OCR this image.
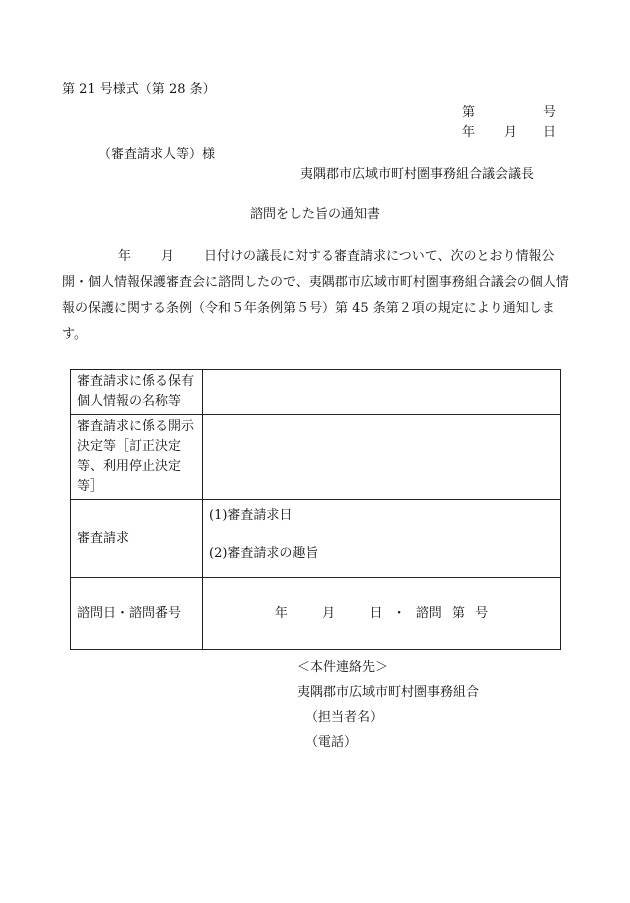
第 21 号様式（第 28 条）
第	号
年 月 日
（審査請求人等）様
夷隅郡市広域市町村圏事務組合議会議長
諮問をした旨の通知書
年 月 日付けの議長に対する審査請求について、次のとおり情報公開・個人情報保護審査会に諮問したので、夷隅郡市広域市町村圏事務組合議会の個人情報の保護に関する条例（令和５年条例第５号）第 45 条第２項の規定により通知します。
審査請求に係る保有個人情報の名称等	
審査請求に係る開示決定等［訂正決定等、利用停止決定等］	
審査請求	(1)審査請求日
(2)審査請求の趣旨

諮問日・諮問番号	年 月 日 ・ 諮問 第 号
＜本件連絡先＞
夷隅郡市広域市町村圏事務組合
（担当者名）
（電話）
